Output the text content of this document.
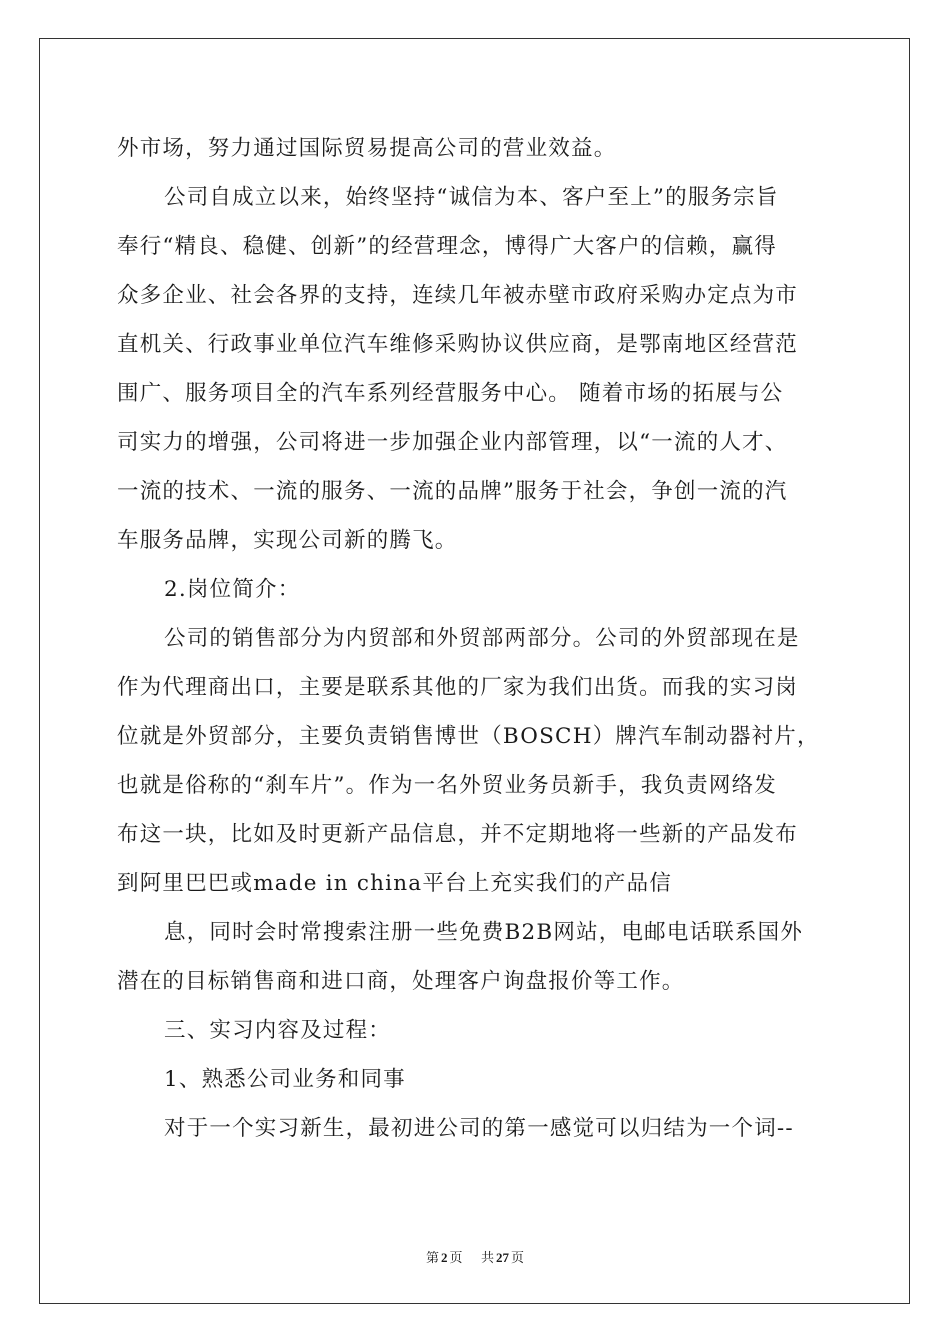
外市场，努力通过国际贸易提高公司的营业效益。

公司自成立以来，始终坚持“诚信为本、客户至上”的服务宗旨

奉行“精良、稳健、创新”的经营理念，博得广大客户的信赖，赢得

众多企业、社会各界的支持，连续几年被赤壁市政府采购办定点为市

直机关、行政事业单位汽车维修采购协议供应商，是鄂南地区经营范

围广、服务项目全的汽车系列经营服务中心。 随着市场的拓展与公

司实力的增强，公司将进一步加强企业内部管理，以“一流的人才、

一流的技术、一流的服务、一流的品牌”服务于社会，争创一流的汽

车服务品牌，实现公司新的腾飞。

2.岗位简介：

公司的销售部分为内贸部和外贸部两部分。公司的外贸部现在是

作为代理商出口，主要是联系其他的厂家为我们出货。而我的实习岗

位就是外贸部分，主要负责销售博世（BOSCH）牌汽车制动器衬片，

也就是俗称的“刹车片”。作为一名外贸业务员新手，我负责网络发

布这一块，比如及时更新产品信息，并不定期地将一些新的产品发布

到阿里巴巴或made in china平台上充实我们的产品信

息，同时会时常搜索注册一些免费B2B网站，电邮电话联系国外

潜在的目标销售商和进口商，处理客户询盘报价等工作。

三、实习内容及过程：

1、熟悉公司业务和同事

对于一个实习新生，最初进公司的第一感觉可以归结为一个词--

第 2 页 共 27 页
